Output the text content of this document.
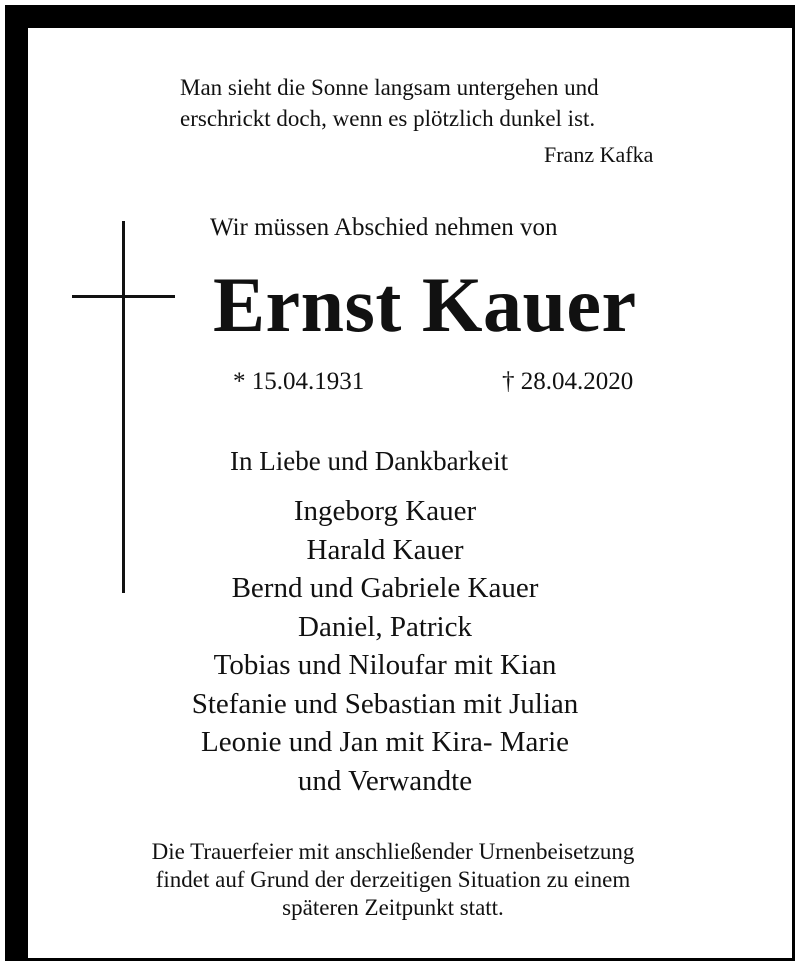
Man sieht die Sonne langsam untergehen und
erschrickt doch, wenn es plötzlich dunkel ist.
Franz Kafka
Wir müssen Abschied nehmen von
Ernst Kauer
* 15.04.1931	† 28.04.2020
In Liebe und Dankbarkeit
Ingeborg Kauer
Harald Kauer
Bernd und Gabriele Kauer
Daniel, Patrick
Tobias und Niloufar mit Kian
Stefanie und Sebastian mit Julian
Leonie und Jan mit Kira- Marie
und Verwandte
Die Trauerfeier mit anschließender Urnenbeisetzung
findet auf Grund der derzeitigen Situation zu einem
späteren Zeitpunkt statt.
